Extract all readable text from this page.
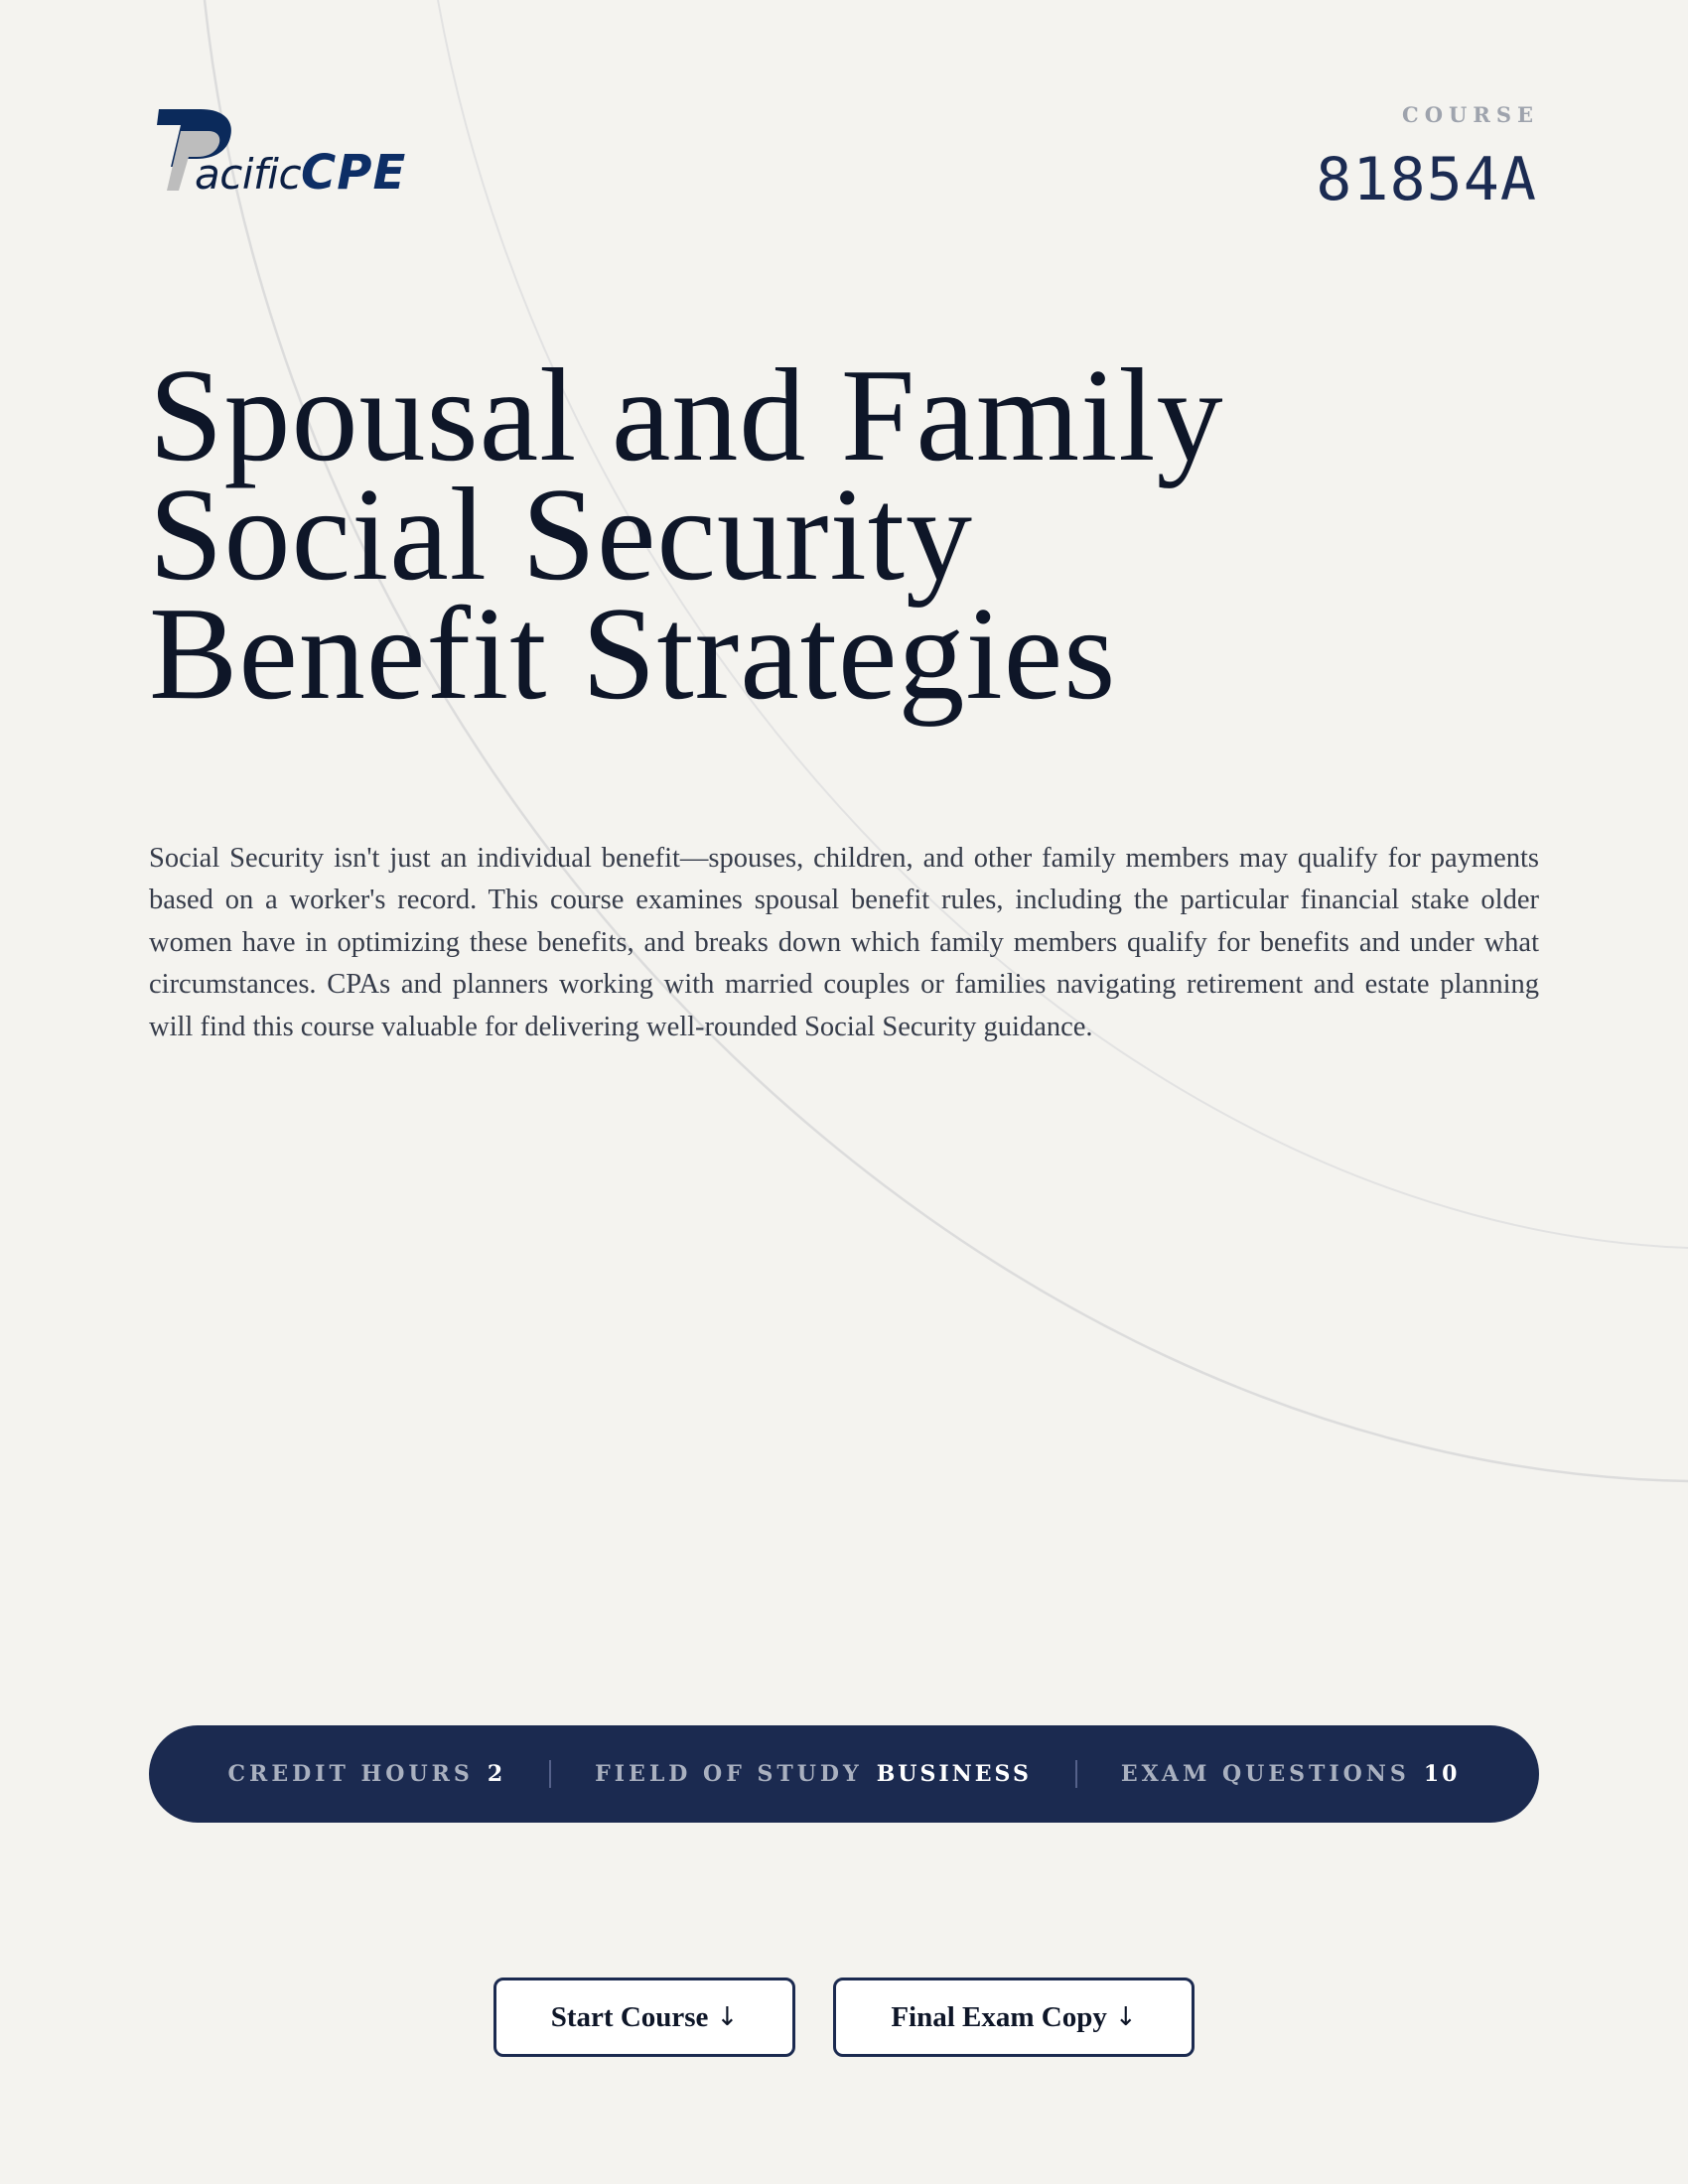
acificCPE
COURSE
81854A
Spousal and Family
Social Security
Benefit Strategies

Social Security isn't just an individual benefit—spouses, children, and other family members may qualify for payments based on a worker's record. This course examines spousal benefit rules, including the particular financial stake older women have in optimizing these benefits, and breaks down which family members qualify for benefits and under what circumstances. CPAs and planners working with married couples or families navigating retirement and estate planning will find this course valuable for delivering well-rounded Social Security guidance.

CREDIT HOURS 2	FIELD OF STUDY BUSINESS	EXAM QUESTIONS 10
Start Course ↓	Final Exam Copy ↓
